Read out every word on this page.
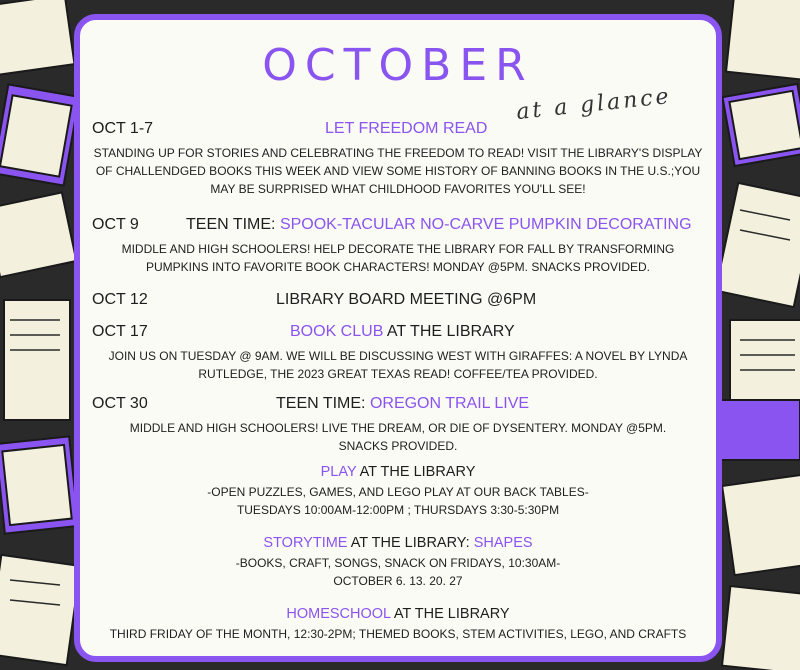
OCTOBER
at a glance
OCT 1-7	LET FREEDOM READ
STANDING UP FOR STORIES AND CELEBRATING THE FREEDOM TO READ! VISIT THE LIBRARY'S DISPLAY OF CHALLENDGED BOOKS THIS WEEK AND VIEW SOME HISTORY OF BANNING BOOKS IN THE U.S.;YOU MAY BE SURPRISED WHAT CHILDHOOD FAVORITES YOU'LL SEE!
OCT 9	TEEN TIME: SPOOK-TACULAR NO-CARVE PUMPKIN DECORATING
MIDDLE AND HIGH SCHOOLERS! HELP DECORATE THE LIBRARY FOR FALL BY TRANSFORMING PUMPKINS INTO FAVORITE BOOK CHARACTERS! MONDAY @5PM. SNACKS PROVIDED.
OCT 12	LIBRARY BOARD MEETING @6PM
OCT 17	BOOK CLUB AT THE LIBRARY
JOIN US ON TUESDAY @ 9AM. WE WILL BE DISCUSSING WEST WITH GIRAFFES: A NOVEL BY LYNDA RUTLEDGE, THE 2023 GREAT TEXAS READ! COFFEE/TEA PROVIDED.
OCT 30	TEEN TIME: OREGON TRAIL LIVE
MIDDLE AND HIGH SCHOOLERS! LIVE THE DREAM, OR DIE OF DYSENTERY. MONDAY @5PM. SNACKS PROVIDED.
PLAY AT THE LIBRARY
-OPEN PUZZLES, GAMES, AND LEGO PLAY AT OUR BACK TABLES-
TUESDAYS 10:00AM-12:00PM ; THURSDAYS 3:30-5:30PM
STORYTIME AT THE LIBRARY: SHAPES
-BOOKS, CRAFT, SONGS, SNACK ON FRIDAYS, 10:30AM-
OCTOBER 6. 13. 20. 27
HOMESCHOOL AT THE LIBRARY
THIRD FRIDAY OF THE MONTH, 12:30-2PM; THEMED BOOKS, STEM ACTIVITIES, LEGO, AND CRAFTS
